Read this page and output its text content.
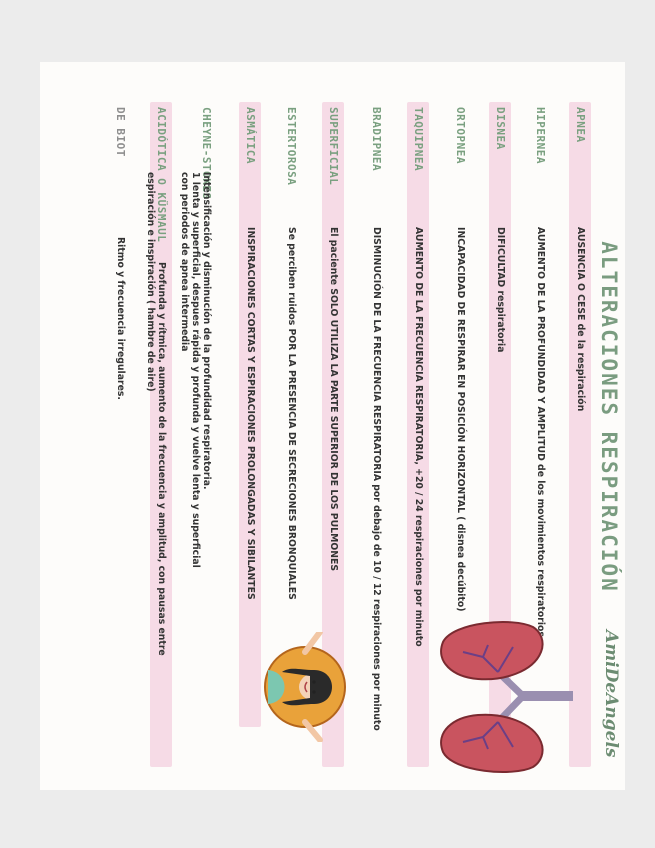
ALTERACIONES RESPIRACIÓN
AmiDeAngels
APNEA
AUSENCIA O CESE de la respiración
HIPERNEA
AUMENTO DE LA PROFUNDIDAD Y AMPLITUD de los movimientos respiratorios
DISNEA
DIFICULTAD respiratoria
ORTOPNEA
INCAPACIDAD DE RESPIRAR EN POSICIÓN HORIZONTAL ( disnea decúbito)
TAQUIPNEA
AUMENTO DE LA FRECUENCIA RESPIRATORIA, +20 / 24 respiraciones por minuto
BRADIPNEA
DISMINUCIÓN DE LA FRECUENCIA RESPIRATORIA por debajo de 10 / 12 respiraciones por minuto
SUPERFICIAL
El paciente SOLO UTILIZA LA PARTE SUPERIOR DE LOS PULMONES
ESTERTOROSA
Se perciben ruidos POR LA PRESENCIA DE SECRECIONES BRONQUIALES
ASMÁTICA
INSPIRACIONES CORTAS Y ESPIRACIONES PROLONGADAS Y SIBILANTES
CHEYNE-STOKES
Intensificación y disminución de la profundidad respiratoria.
1 lenta y superficial, despues rápida y profunda y vuelve lenta y superficial
con periodos de apnea intermedia
ACIDÓTICA O KÜSMAUL
Profunda y rítmica, aumento de la frecuencia y amplitud, con pausas entre
espiración e inspiración ( hambre de aire)
DE BIOT
Ritmo y frecuencia irregulares.
